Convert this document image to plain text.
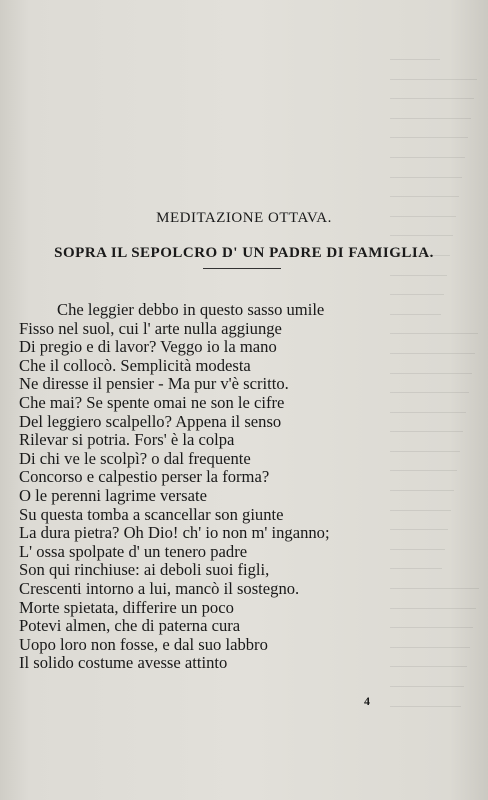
MEDITAZIONE OTTAVA.
SOPRA IL SEPOLCRO D' UN PADRE DI FAMIGLIA.
Che leggier debbo in questo sasso umile
Fisso nel suol, cui l' arte nulla aggiunge
Di pregio e di lavor? Veggo io la mano
Che il collocò. Semplicità modesta
Ne diresse il pensier - Ma pur v'è scritto.
Che mai? Se spente omai ne son le cifre
Del leggiero scalpello? Appena il senso
Rilevar si potria. Fors' è la colpa
Di chi ve le scolpì? o dal frequente
Concorso e calpestio perser la forma?
O le perenni lagrime versate
Su questa tomba a scancellar son giunte
La dura pietra? Oh Dio! ch' io non m' inganno;
L' ossa spolpate d' un tenero padre
Son qui rinchiuse: ai deboli suoi figli,
Crescenti intorno a lui, mancò il sostegno.
Morte spietata, differire un poco
Potevi almen, che di paterna cura
Uopo loro non fosse, e dal suo labbro
Il solido costume avesse attinto
4
